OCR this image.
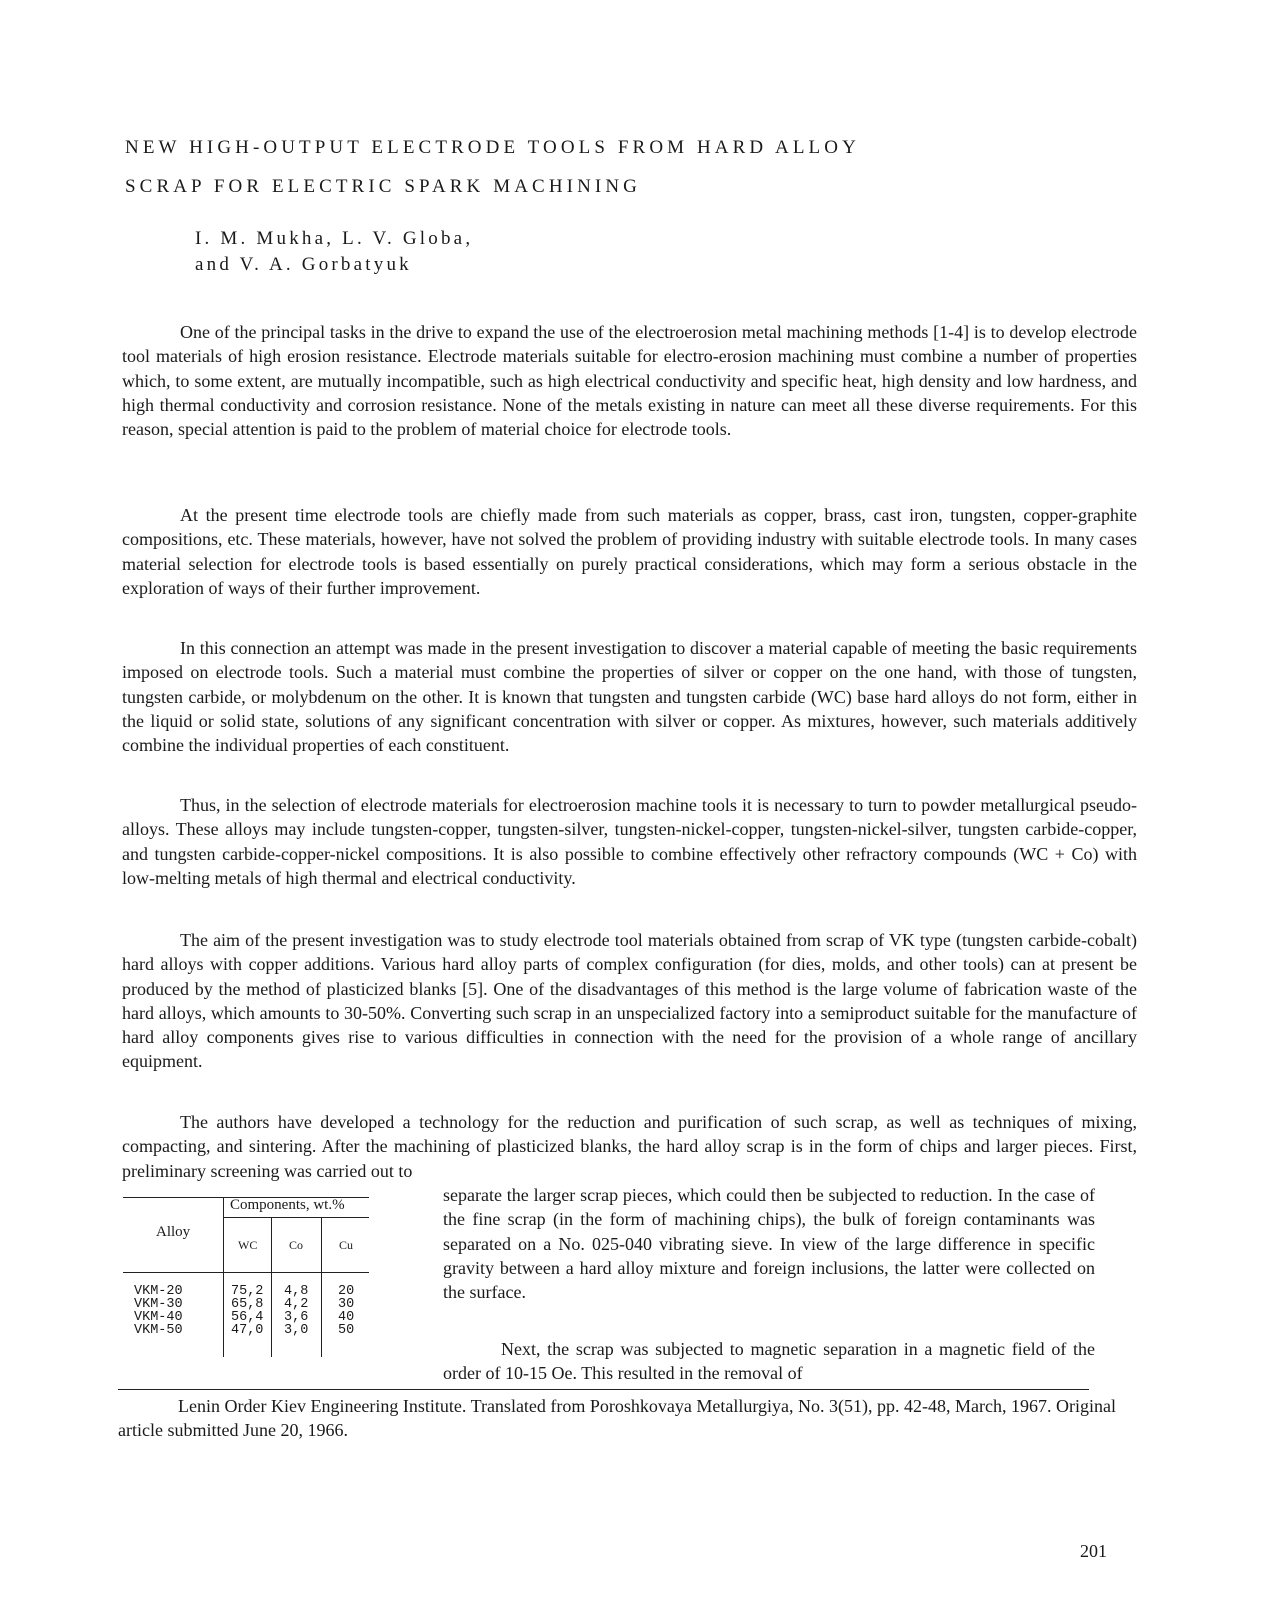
NEW HIGH-OUTPUT ELECTRODE TOOLS FROM HARD ALLOY
SCRAP FOR ELECTRIC SPARK MACHINING
I. M. Mukha, L. V. Globa,
and V. A. Gorbatyuk

One of the principal tasks in the drive to expand the use of the electroerosion metal machining methods [1-4] is to develop electrode tool materials of high erosion resistance. Electrode materials suitable for electro-erosion machining must combine a number of properties which, to some extent, are mutually incompatible, such as high electrical conductivity and specific heat, high density and low hardness, and high thermal conductivity and corrosion resistance. None of the metals existing in nature can meet all these diverse requirements. For this reason, special attention is paid to the problem of material choice for electrode tools.

At the present time electrode tools are chiefly made from such materials as copper, brass, cast iron, tungsten, copper-graphite compositions, etc. These materials, however, have not solved the problem of providing industry with suitable electrode tools. In many cases material selection for electrode tools is based essentially on purely practical considerations, which may form a serious obstacle in the exploration of ways of their further improvement.

In this connection an attempt was made in the present investigation to discover a material capable of meeting the basic requirements imposed on electrode tools. Such a material must combine the properties of silver or copper on the one hand, with those of tungsten, tungsten carbide, or molybdenum on the other. It is known that tungsten and tungsten carbide (WC) base hard alloys do not form, either in the liquid or solid state, solutions of any significant concentration with silver or copper. As mixtures, however, such materials additively combine the individual properties of each constituent.

Thus, in the selection of electrode materials for electroerosion machine tools it is necessary to turn to powder metallurgical pseudo-alloys. These alloys may include tungsten-copper, tungsten-silver, tungsten-nickel-copper, tungsten-nickel-silver, tungsten carbide-copper, and tungsten carbide-copper-nickel compositions. It is also possible to combine effectively other refractory compounds (WC + Co) with low-melting metals of high thermal and electrical conductivity.

The aim of the present investigation was to study electrode tool materials obtained from scrap of VK type (tungsten carbide-cobalt) hard alloys with copper additions. Various hard alloy parts of complex configuration (for dies, molds, and other tools) can at present be produced by the method of plasticized blanks [5]. One of the disadvantages of this method is the large volume of fabrication waste of the hard alloys, which amounts to 30-50%. Converting such scrap in an unspecialized factory into a semiproduct suitable for the manufacture of hard alloy components gives rise to various difficulties in connection with the need for the provision of a whole range of ancillary equipment.

The authors have developed a technology for the reduction and purification of such scrap, as well as techniques of mixing, compacting, and sintering. After the machining of plasticized blanks, the hard alloy scrap is in the form of chips and larger pieces. First, preliminary screening was carried out to

separate the larger scrap pieces, which could then be subjected to reduction. In the case of the fine scrap (in the form of machining chips), the bulk of foreign contaminants was separated on a No. 025-040 vibrating sieve. In view of the large difference in specific gravity between a hard alloy mixture and foreign inclusions, the latter were collected on the surface.

Next, the scrap was subjected to magnetic separation in a magnetic field of the order of 10-15 Oe. This resulted in the removal of

Alloy
Components, wt.%
WC	Co	Cu
VKM-20	75,2 4,8 20
VKM-30	65,8 4,2 30
VKM-40	56,4 3,6 40
VKM-50	47,0 3,0 50

Lenin Order Kiev Engineering Institute. Translated from Poroshkovaya Metallurgiya, No. 3(51), pp. 42-48, March, 1967. Original article submitted June 20, 1966.

201
